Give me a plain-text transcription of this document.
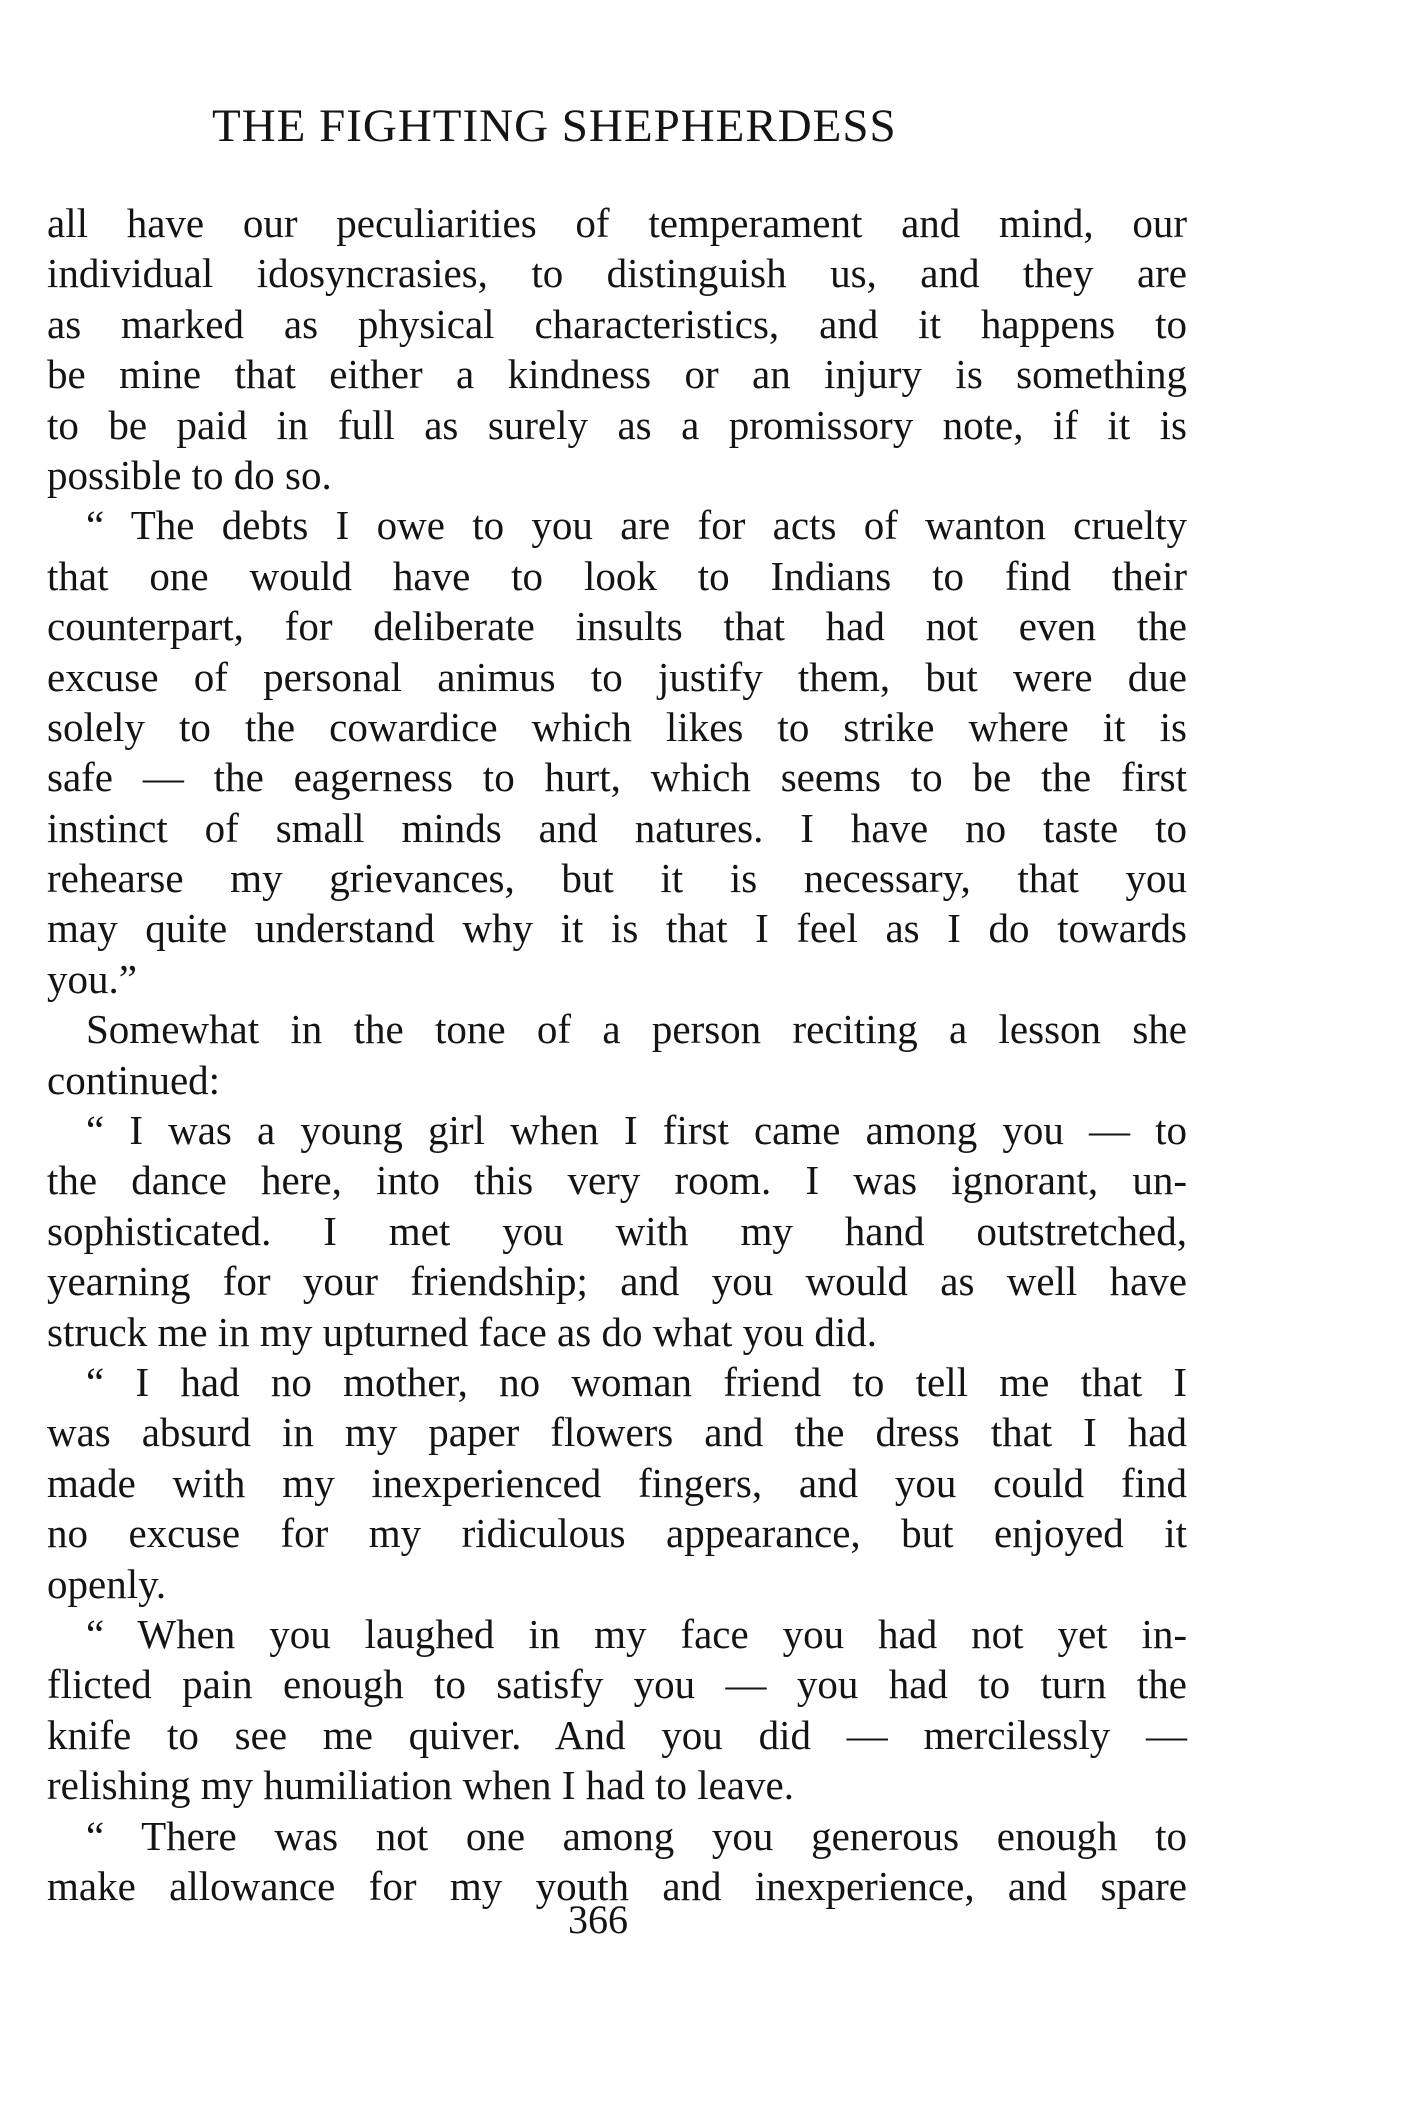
THE FIGHTING SHEPHERDESS
all have our peculiarities of temperament and mind, our
individual idosyncrasies, to distinguish us, and they are
as marked as physical characteristics, and it happens to
be mine that either a kindness or an injury is something
to be paid in full as surely as a promissory note, if it is
possible to do so.
“ The debts I owe to you are for acts of wanton cruelty
that one would have to look to Indians to find their
counterpart, for deliberate insults that had not even the
excuse of personal animus to justify them, but were due
solely to the cowardice which likes to strike where it is
safe — the eagerness to hurt, which seems to be the first
instinct of small minds and natures. I have no taste to
rehearse my grievances, but it is necessary, that you
may quite understand why it is that I feel as I do towards
you.”
Somewhat in the tone of a person reciting a lesson she
continued:
“ I was a young girl when I first came among you — to
the dance here, into this very room. I was ignorant, un-
sophisticated. I met you with my hand outstretched,
yearning for your friendship; and you would as well have
struck me in my upturned face as do what you did.
“ I had no mother, no woman friend to tell me that I
was absurd in my paper flowers and the dress that I had
made with my inexperienced fingers, and you could find
no excuse for my ridiculous appearance, but enjoyed it
openly.
“ When you laughed in my face you had not yet in-
flicted pain enough to satisfy you — you had to turn the
knife to see me quiver. And you did — mercilessly —
relishing my humiliation when I had to leave.
“ There was not one among you generous enough to
make allowance for my youth and inexperience, and spare
366
